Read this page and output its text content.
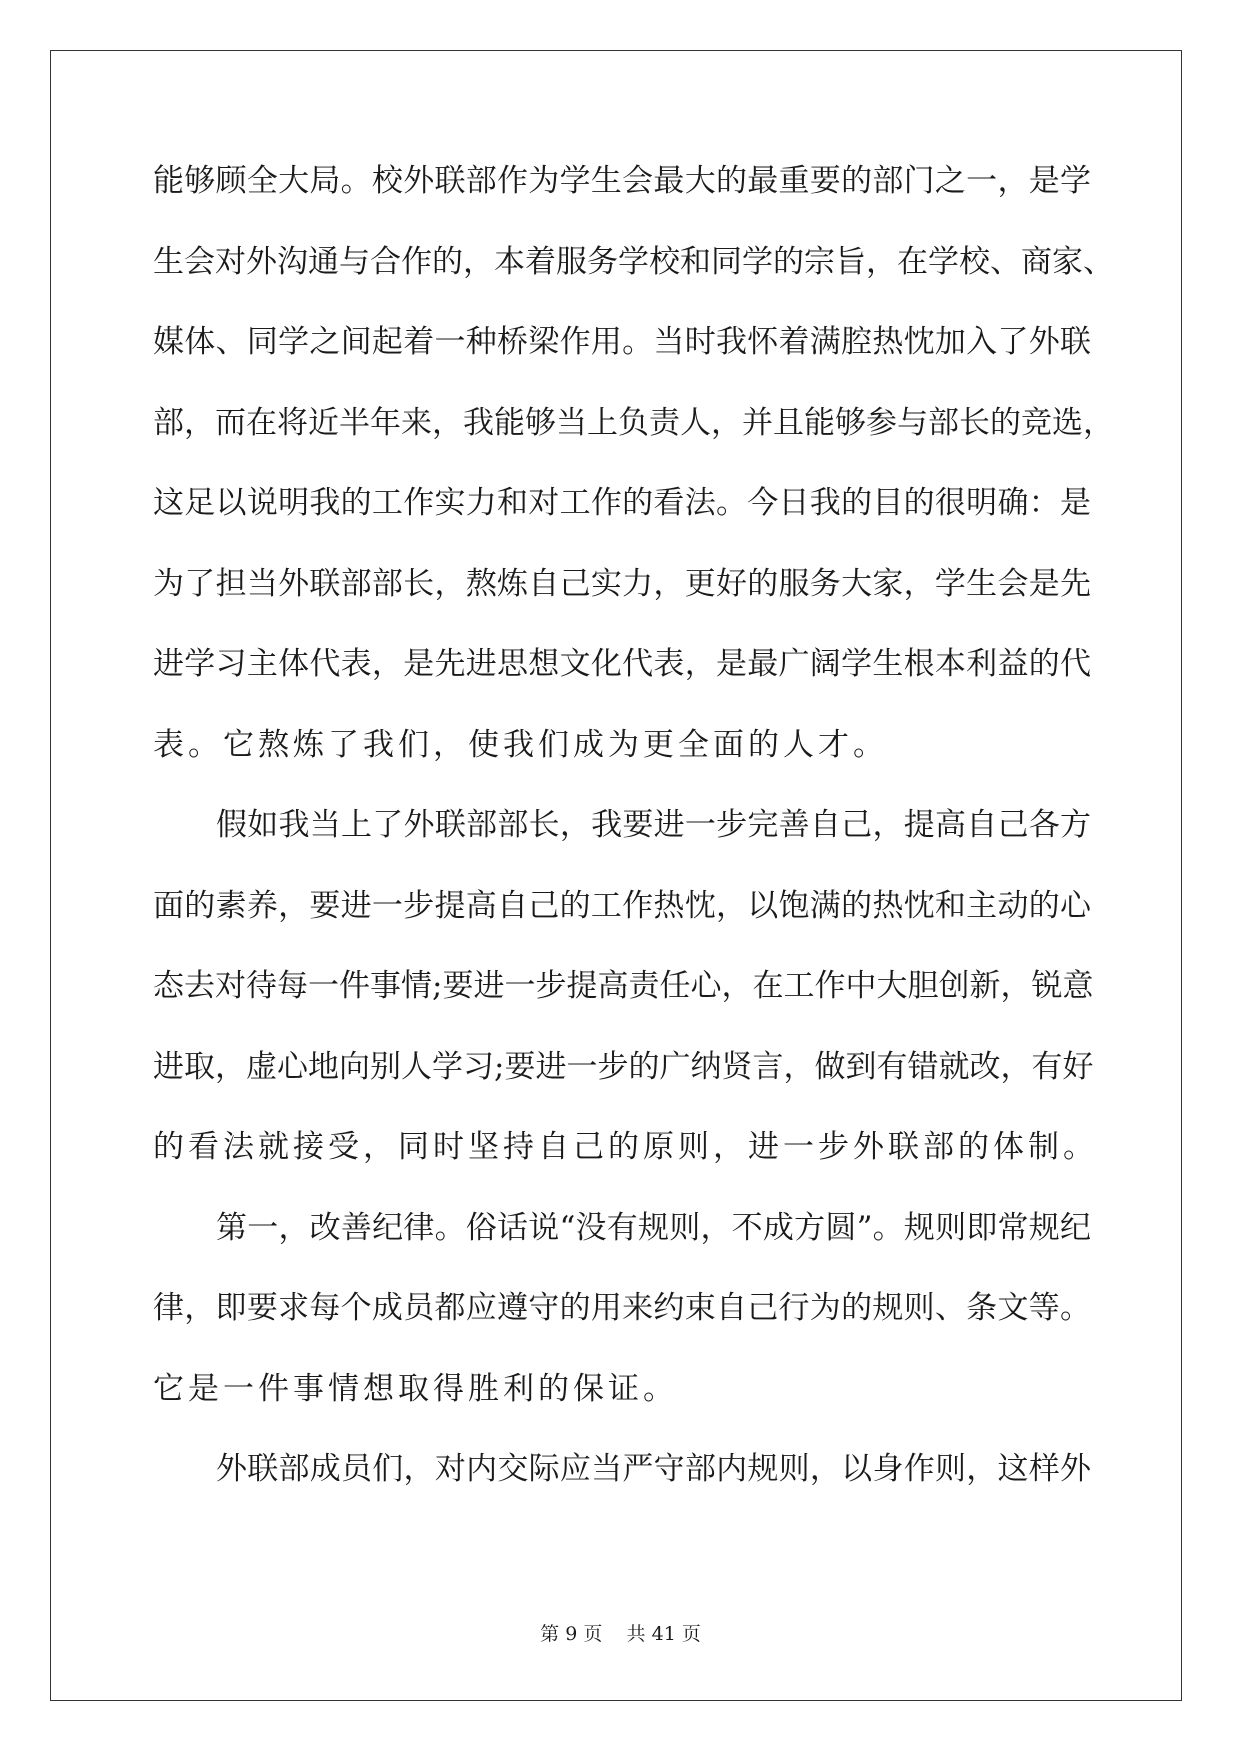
能够顾全大局。校外联部作为学生会最大的最重要的部门之一，是学
生会对外沟通与合作的，本着服务学校和同学的宗旨，在学校、商家、
媒体、同学之间起着一种桥梁作用。当时我怀着满腔热忱加入了外联
部，而在将近半年来，我能够当上负责人，并且能够参与部长的竞选，
这足以说明我的工作实力和对工作的看法。今日我的目的很明确：是
为了担当外联部部长，熬炼自己实力，更好的服务大家，学生会是先
进学习主体代表，是先进思想文化代表，是最广阔学生根本利益的代
表。它熬炼了我们，使我们成为更全面的人才。
假如我当上了外联部部长，我要进一步完善自己，提高自己各方
面的素养，要进一步提高自己的工作热忱，以饱满的热忱和主动的心
态去对待每一件事情;要进一步提高责任心，在工作中大胆创新，锐意
进取，虚心地向别人学习;要进一步的广纳贤言，做到有错就改，有好
的看法就接受，同时坚持自己的原则，进一步外联部的体制。
第一，改善纪律。俗话说“没有规则，不成方圆”。规则即常规纪
律，即要求每个成员都应遵守的用来约束自己行为的规则、条文等。
它是一件事情想取得胜利的保证。
外联部成员们，对内交际应当严守部内规则，以身作则，这样外
第 9 页 共 41 页
